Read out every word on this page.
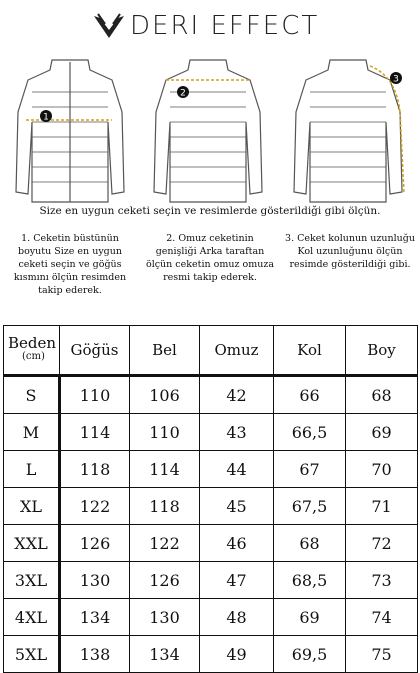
DERI EFFECT
1
2
3
Size en uygun ceketi seçin ve resimlerde gösterildiği gibi ölçün.
1. Ceketin büstünün boyutu Size en uygun ceketi seçin ve göğüs kısmını ölçün resimden takip ederek.
2. Omuz ceketinin genişliği Arka taraftan ölçün ceketin omuz omuza resmi takip ederek.
3. Ceket kolunun uzunluğu Kol uzunluğunu ölçün resimde gösterildiği gibi.
Beden
(cm)	Göğüs	Bel	Omuz	Kol	Boy
S	110	106	42	66	68
M	114	110	43	66,5	69
L	118	114	44	67	70
XL	122	118	45	67,5	71
XXL	126	122	46	68	72
3XL	130	126	47	68,5	73
4XL	134	130	48	69	74
5XL	138	134	49	69,5	75
